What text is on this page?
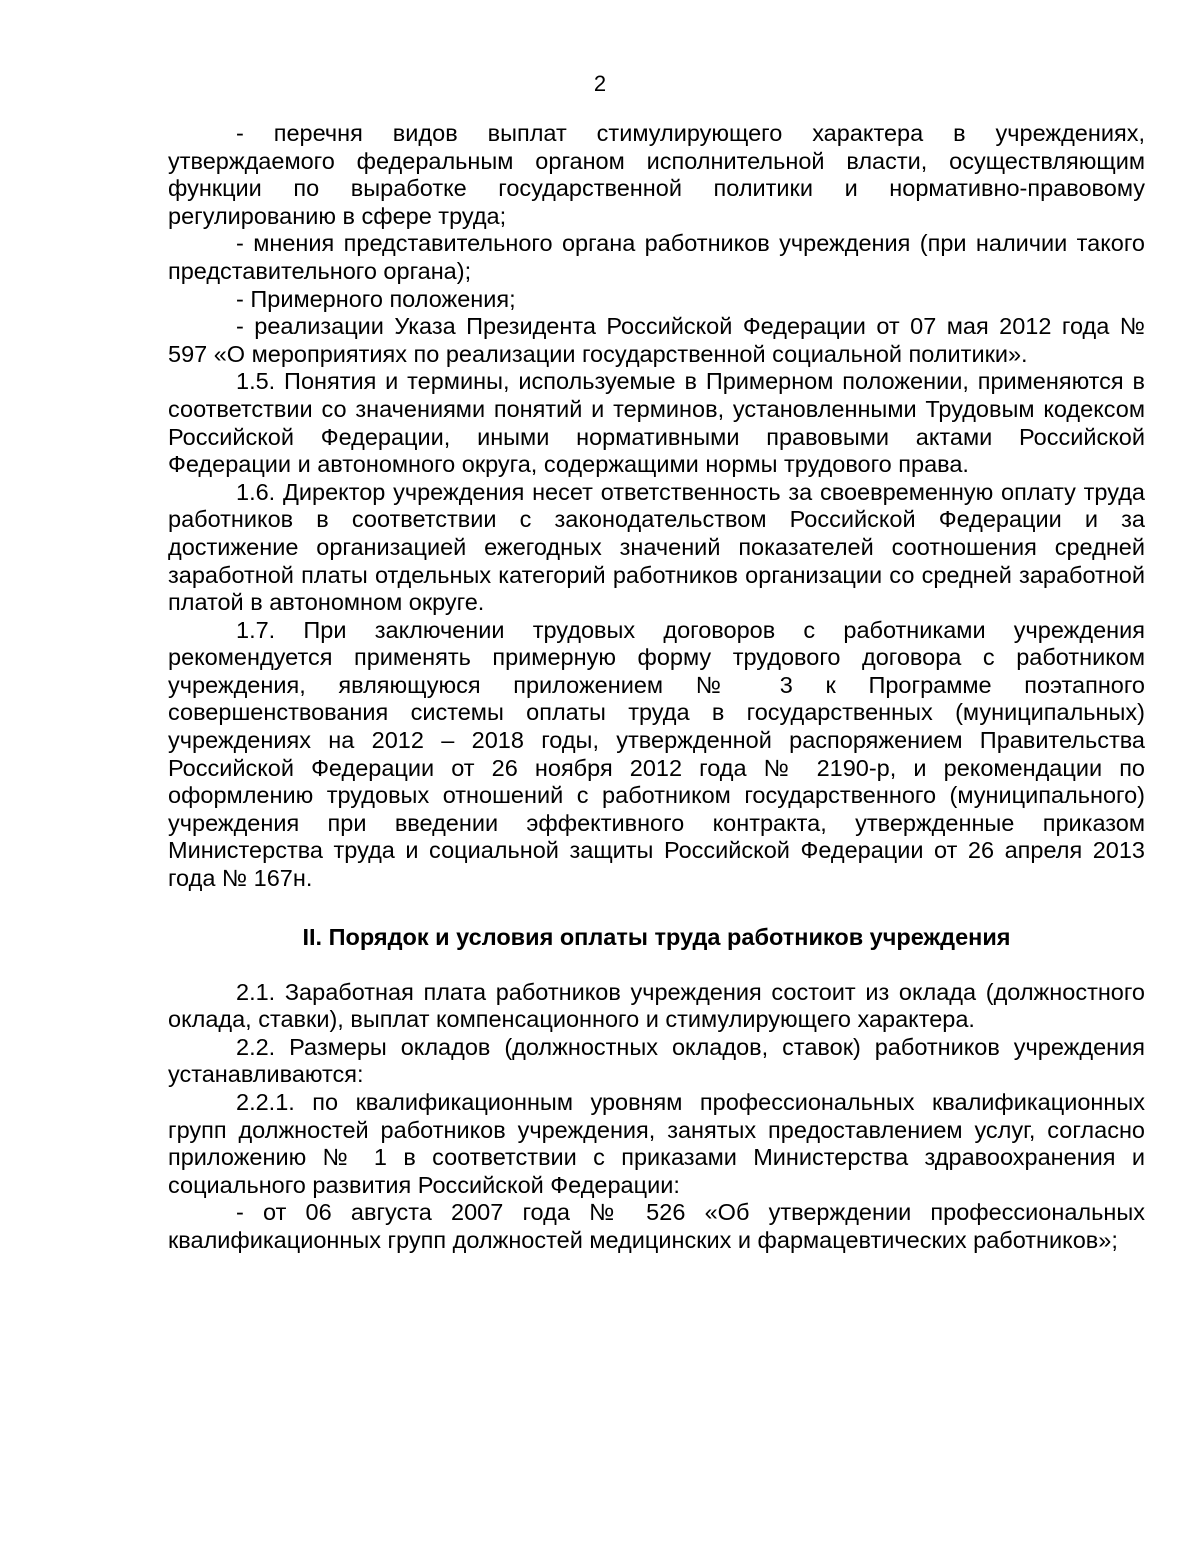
2

- перечня видов выплат стимулирующего характера в учреждениях, утверждаемого федеральным органом исполнительной власти, осуществляющим функции по выработке государственной политики и нормативно-правовому регулированию в сфере труда;

- мнения представительного органа работников учреждения (при наличии такого представительного органа);

- Примерного положения;

- реализации Указа Президента Российской Федерации от 07 мая 2012 года № 597 «О мероприятиях по реализации государственной социальной политики».

1.5. Понятия и термины, используемые в Примерном положении, применяются в соответствии со значениями понятий и терминов, установленными Трудовым кодексом Российской Федерации, иными нормативными правовыми актами Российской Федерации и автономного округа, содержащими нормы трудового права.

1.6. Директор учреждения несет ответственность за своевременную оплату труда работников в соответствии с законодательством Российской Федерации и за достижение организацией ежегодных значений показателей соотношения средней заработной платы отдельных категорий работников организации со средней заработной платой в автономном округе.

1.7. При заключении трудовых договоров с работниками учреждения рекомендуется применять примерную форму трудового договора с работником учреждения, являющуюся приложением № 3 к Программе поэтапного совершенствования системы оплаты труда в государственных (муниципальных) учреждениях на 2012 – 2018 годы, утвержденной распоряжением Правительства Российской Федерации от 26 ноября 2012 года № 2190-р, и рекомендации по оформлению трудовых отношений с работником государственного (муниципального) учреждения при введении эффективного контракта, утвержденные приказом Министерства труда и социальной защиты Российской Федерации от 26 апреля 2013 года № 167н.

II. Порядок и условия оплаты труда работников учреждения

2.1. Заработная плата работников учреждения состоит из оклада (должностного оклада, ставки), выплат компенсационного и стимулирующего характера.

2.2. Размеры окладов (должностных окладов, ставок) работников учреждения устанавливаются:

2.2.1. по квалификационным уровням профессиональных квалификационных групп должностей работников учреждения, занятых предоставлением услуг, согласно приложению № 1 в соответствии с приказами Министерства здравоохранения и социального развития Российской Федерации:

- от 06 августа 2007 года № 526 «Об утверждении профессиональных квалификационных групп должностей медицинских и фармацевтических работников»;
